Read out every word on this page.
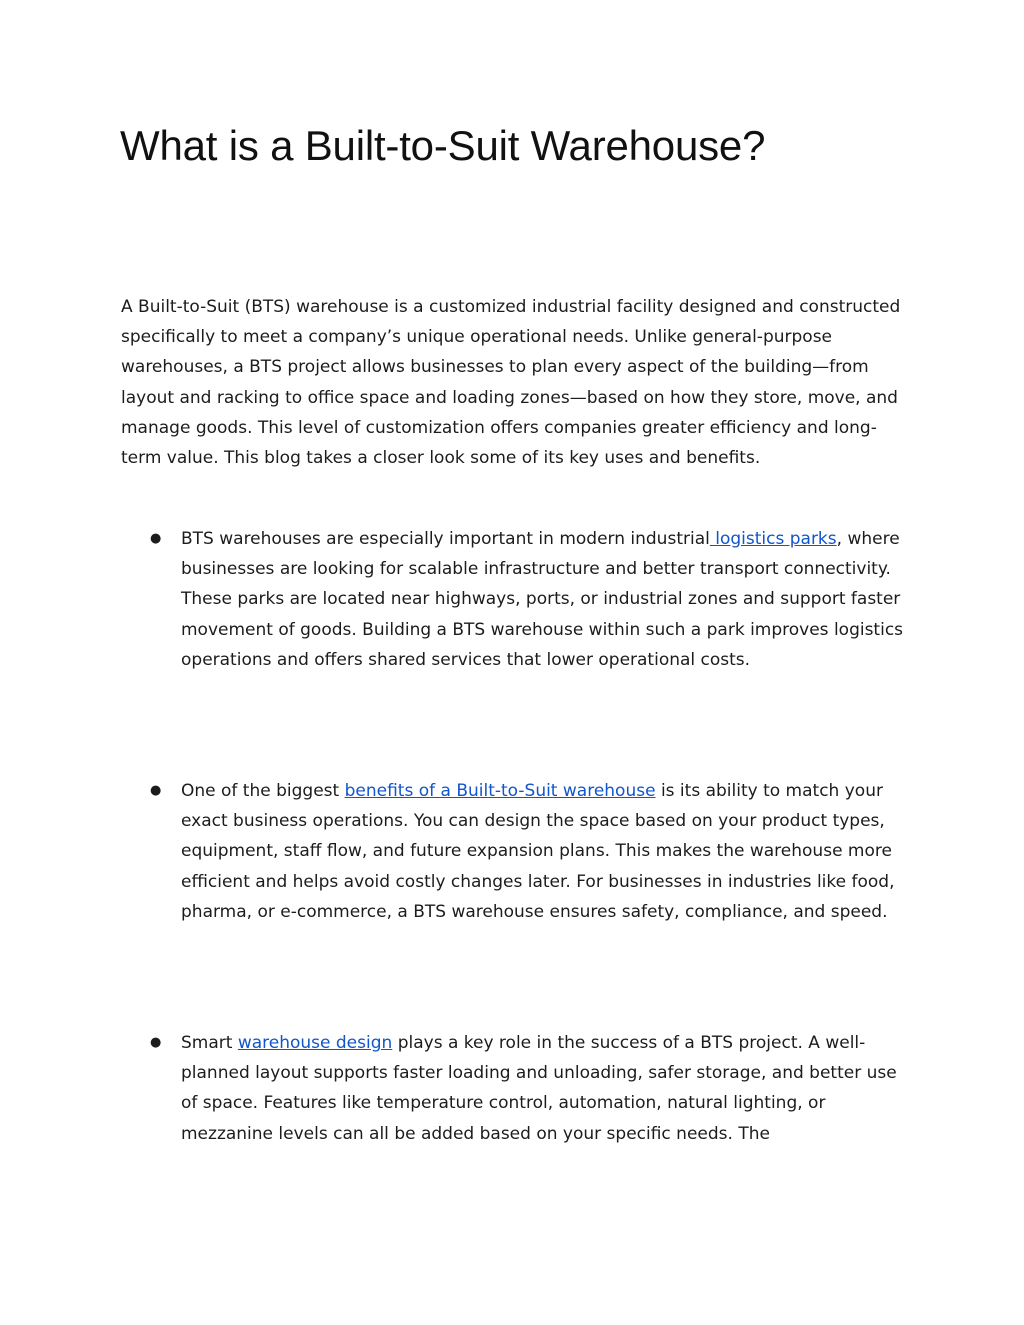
What is a Built-to-Suit Warehouse?

A Built-to-Suit (BTS) warehouse is a customized industrial facility designed and constructed specifically to meet a company’s unique operational needs. Unlike general-purpose warehouses, a BTS project allows businesses to plan every aspect of the building—from layout and racking to office space and loading zones—based on how they store, move, and manage goods. This level of customization offers companies greater efficiency and long-term value. This blog takes a closer look some of its key uses and benefits.

●	BTS warehouses are especially important in modern industrial logistics parks, where businesses are looking for scalable infrastructure and better transport connectivity. These parks are located near highways, ports, or industrial zones and support faster movement of goods. Building a BTS warehouse within such a park improves logistics operations and offers shared services that lower operational costs.
●	One of the biggest benefits of a Built-to-Suit warehouse is its ability to match your exact business operations. You can design the space based on your product types, equipment, staff flow, and future expansion plans. This makes the warehouse more efficient and helps avoid costly changes later. For businesses in industries like food, pharma, or e-commerce, a BTS warehouse ensures safety, compliance, and speed.
●	Smart warehouse design plays a key role in the success of a BTS project. A well-planned layout supports faster loading and unloading, safer storage, and better use of space. Features like temperature control, automation, natural lighting, or mezzanine levels can all be added based on your specific needs. The
